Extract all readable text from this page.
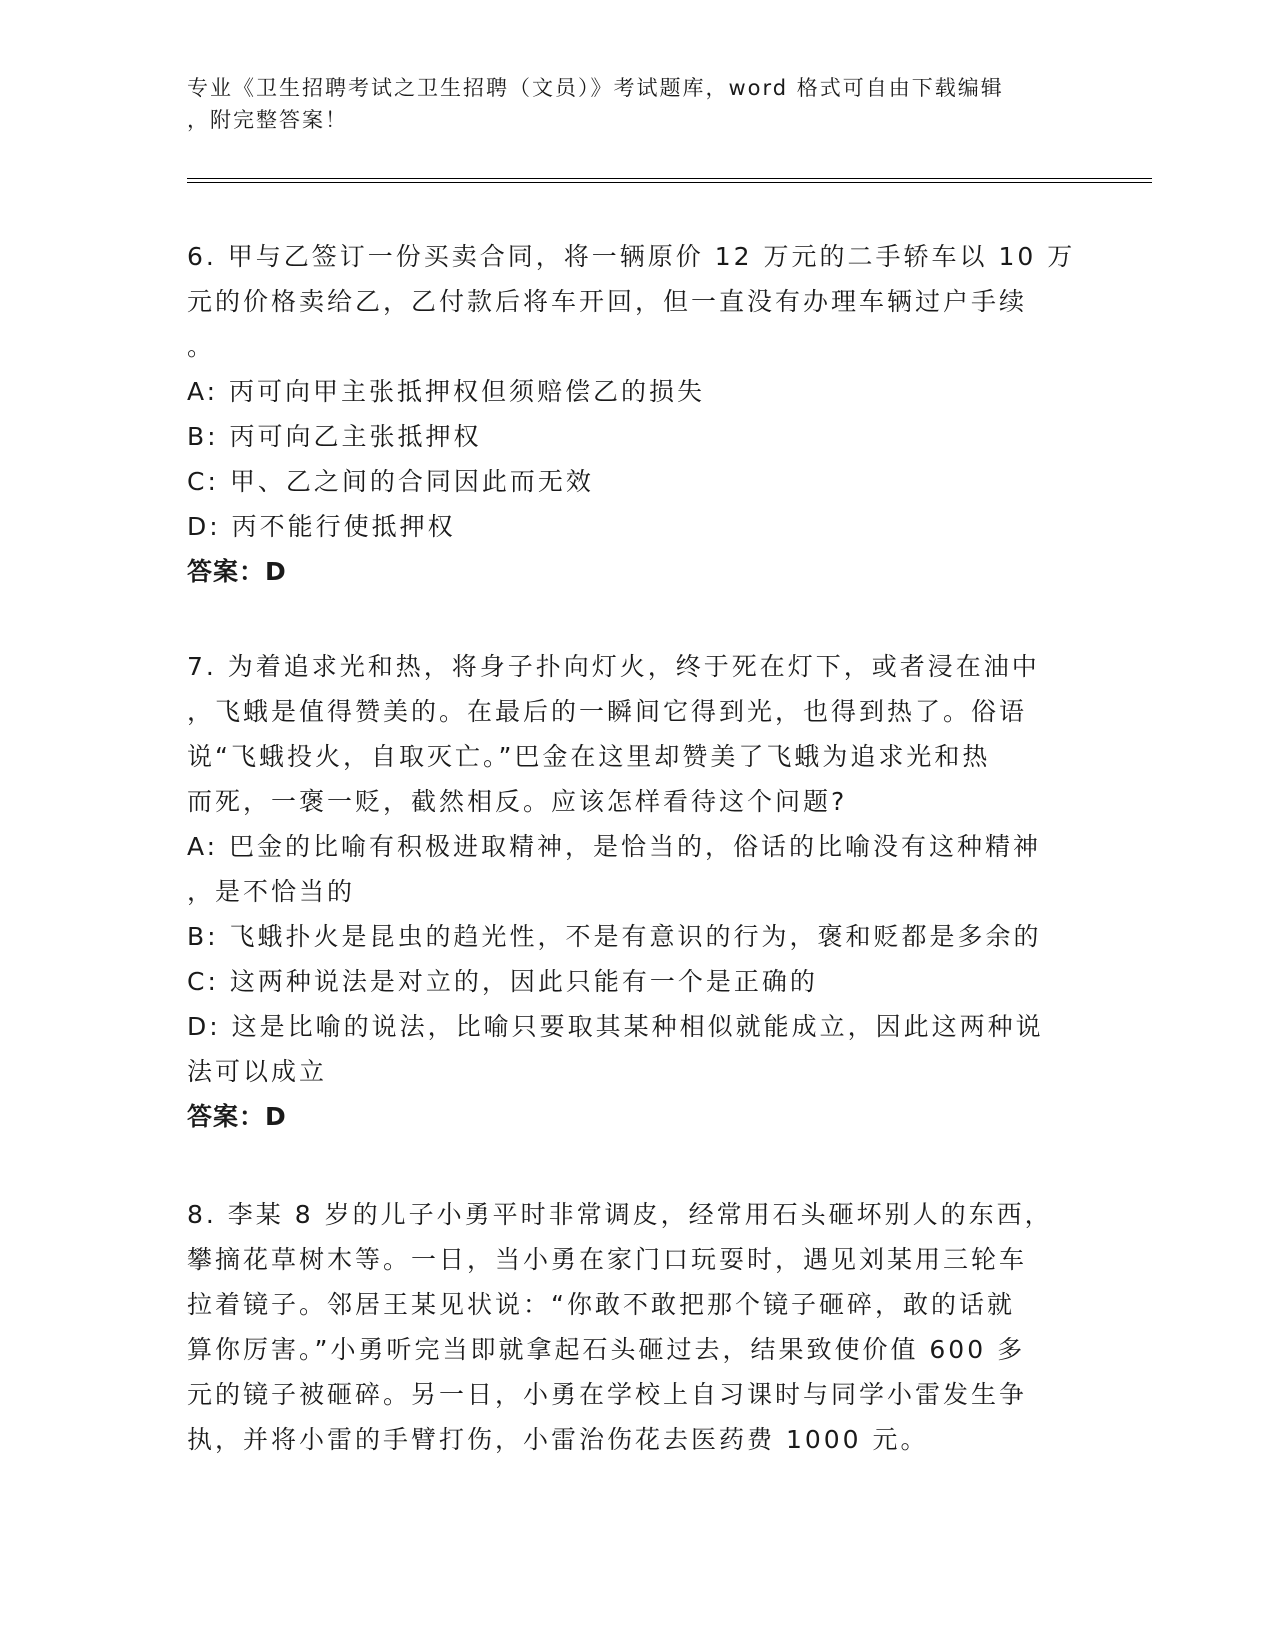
专业《卫生招聘考试之卫生招聘（文员）》考试题库，word 格式可自由下载编辑
，附完整答案！
6. 甲与乙签订一份买卖合同，将一辆原价 12 万元的二手轿车以 10 万
元的价格卖给乙，乙付款后将车开回，但一直没有办理车辆过户手续
。
A: 丙可向甲主张抵押权但须赔偿乙的损失
B: 丙可向乙主张抵押权
C: 甲、乙之间的合同因此而无效
D: 丙不能行使抵押权
答案：D
7. 为着追求光和热，将身子扑向灯火，终于死在灯下，或者浸在油中
，飞蛾是值得赞美的。在最后的一瞬间它得到光，也得到热了。俗语
说“飞蛾投火，自取灭亡。”巴金在这里却赞美了飞蛾为追求光和热
而死，一褒一贬，截然相反。应该怎样看待这个问题?
A: 巴金的比喻有积极进取精神，是恰当的，俗话的比喻没有这种精神
，是不恰当的
B: 飞蛾扑火是昆虫的趋光性，不是有意识的行为，褒和贬都是多余的
C: 这两种说法是对立的，因此只能有一个是正确的
D: 这是比喻的说法，比喻只要取其某种相似就能成立，因此这两种说
法可以成立
答案：D
8. 李某 8 岁的儿子小勇平时非常调皮，经常用石头砸坏别人的东西，
攀摘花草树木等。一日，当小勇在家门口玩耍时，遇见刘某用三轮车
拉着镜子。邻居王某见状说：“你敢不敢把那个镜子砸碎，敢的话就
算你厉害。”小勇听完当即就拿起石头砸过去，结果致使价值 600 多
元的镜子被砸碎。另一日，小勇在学校上自习课时与同学小雷发生争
执，并将小雷的手臂打伤，小雷治伤花去医药费 1000 元。
